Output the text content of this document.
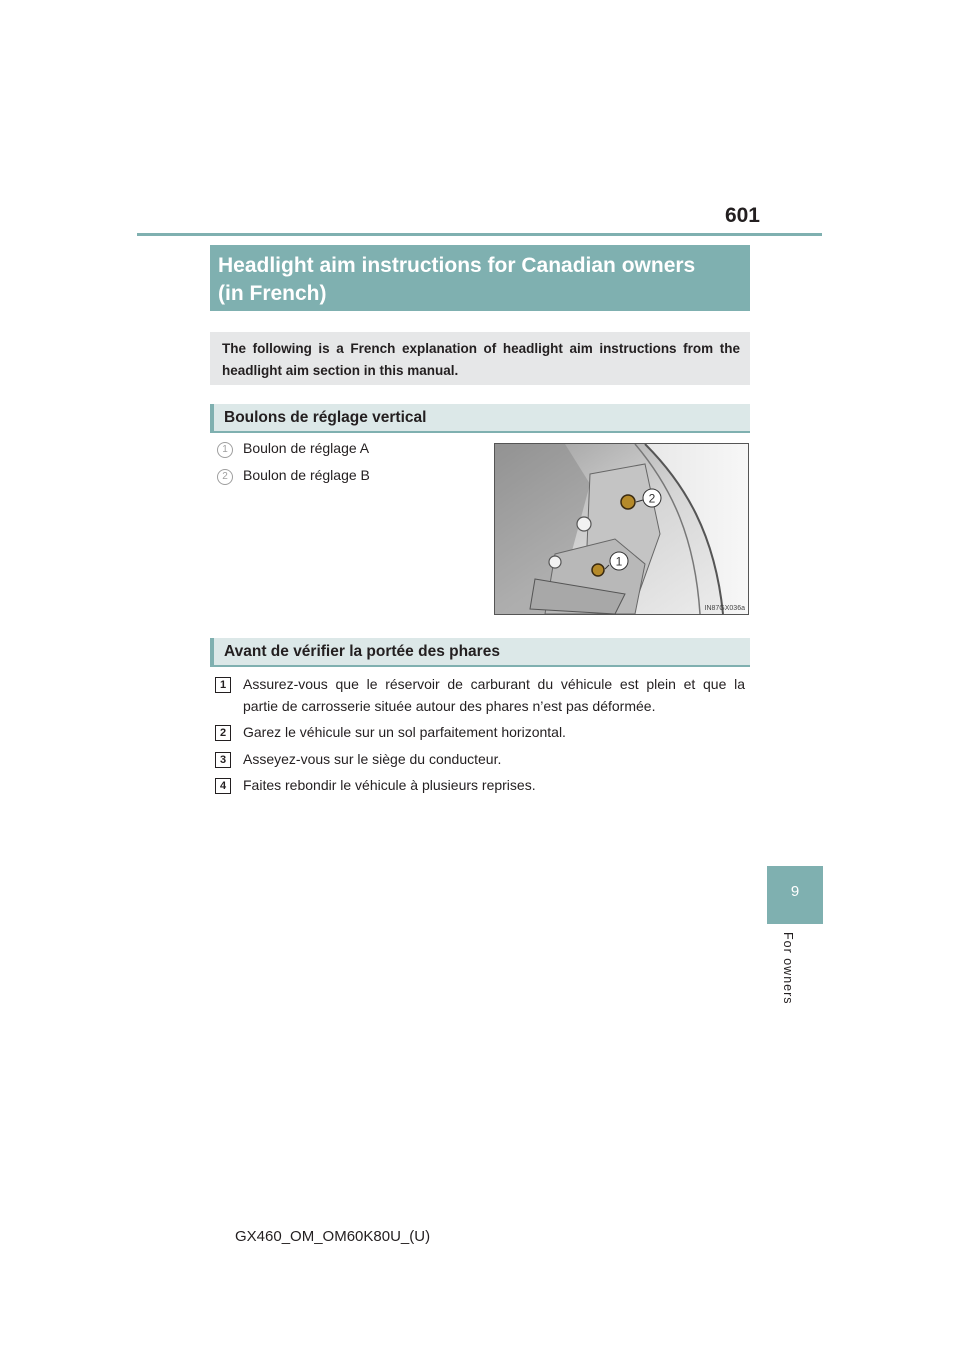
601
Headlight aim instructions for Canadian owners
(in French)
The following is a French explanation of headlight aim instructions from the
headlight aim section in this manual.
Boulons de réglage vertical
1	Boulon de réglage A
2	Boulon de réglage B
2
1
IN87GX036a
Avant de vérifier la portée des phares
1	Assurez-vous que le réservoir de carburant du véhicule est plein et que la
partie de carrosserie située autour des phares n’est pas déformée.
2	Garez le véhicule sur un sol parfaitement horizontal.
3	Asseyez-vous sur le siège du conducteur.
4	Faites rebondir le véhicule à plusieurs reprises.
9
For owners
GX460_OM_OM60K80U_(U)
